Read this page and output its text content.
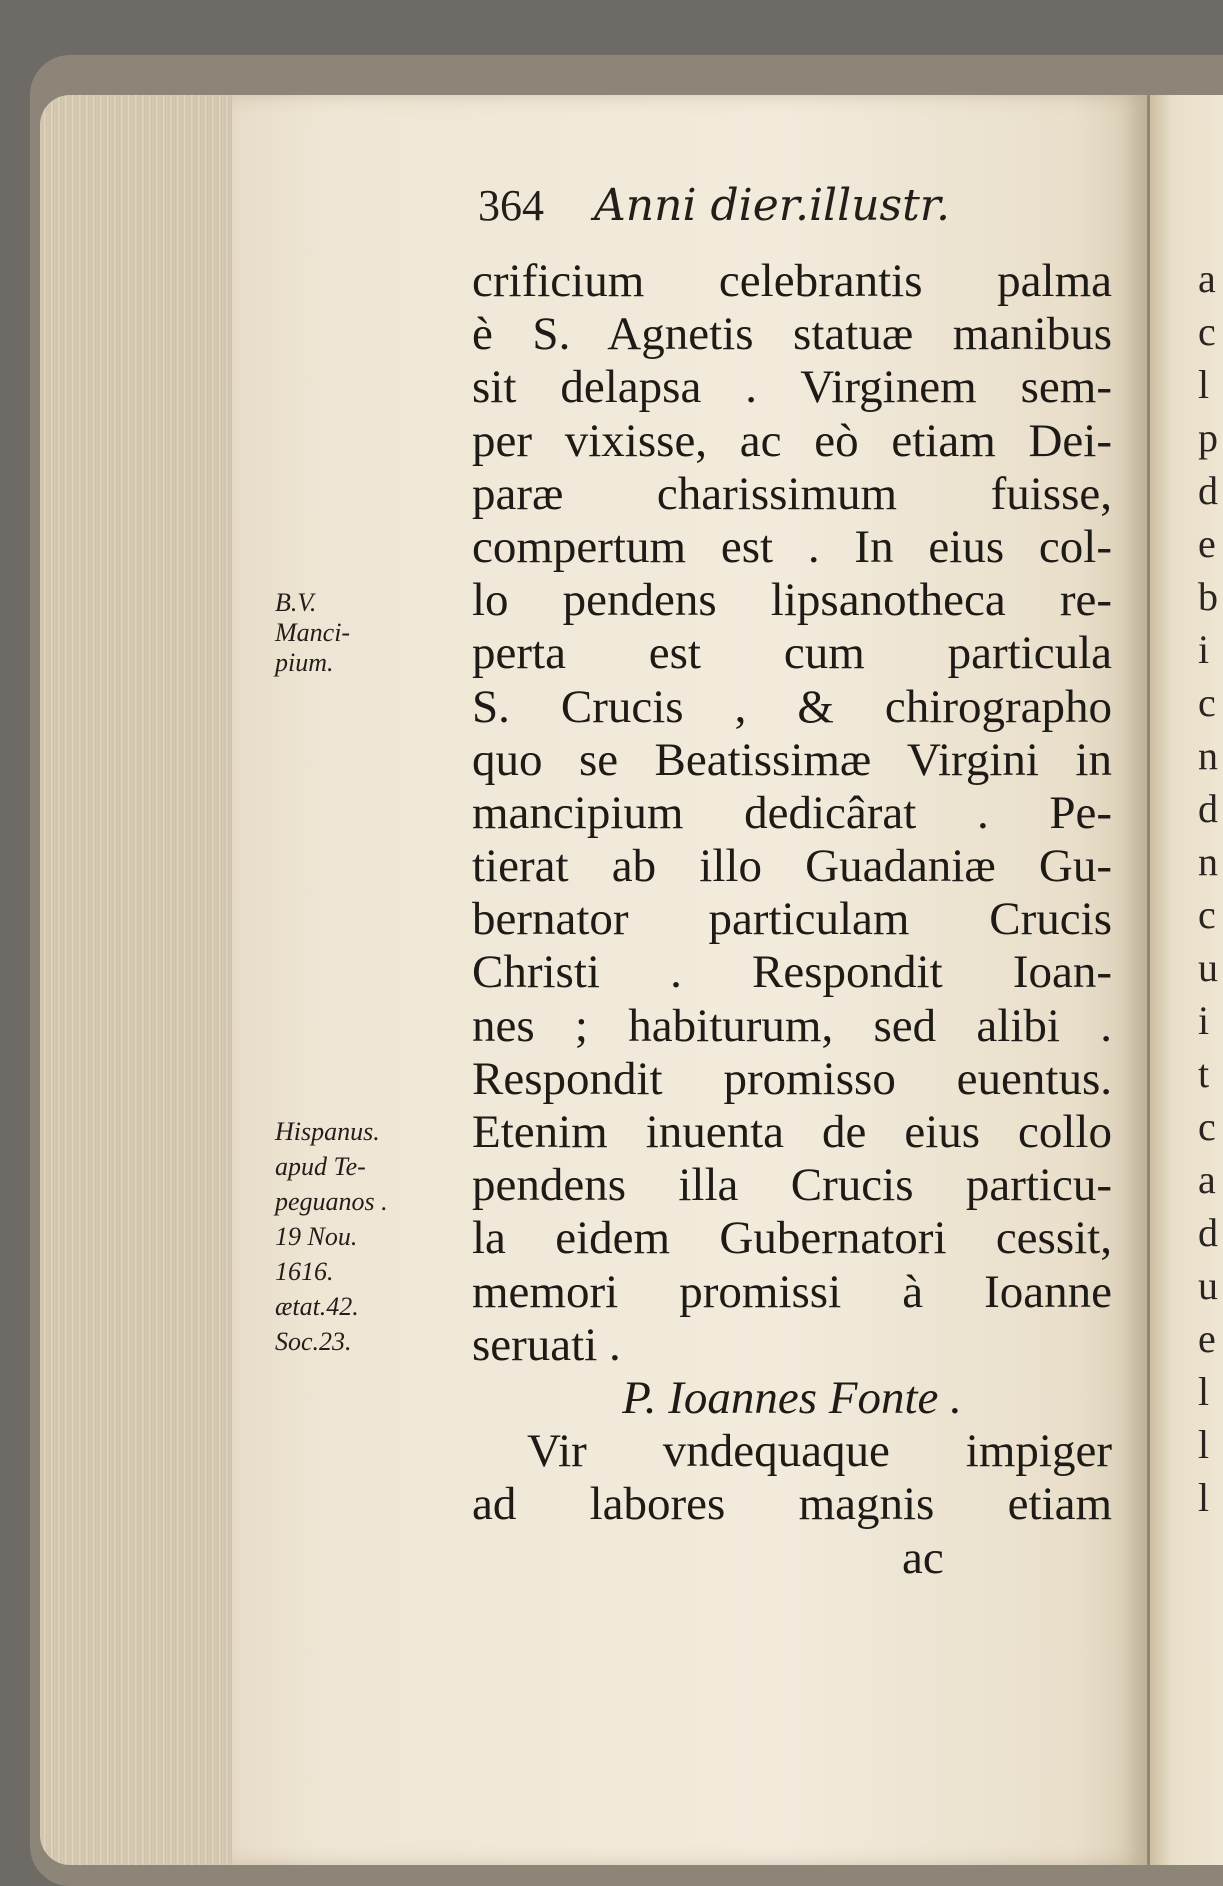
a
c
l
p
d
e
b
i
c
n
d
n
c
u
i
t
c
a
d
u
e
l
l
l
364 Anni dier.illustr.
crificium celebrantis palma
è S. Agnetis statuæ manibus
sit delapsa . Virginem sem-
per vixisse, ac eò etiam Dei-
paræ charissimum fuisse,
compertum est . In eius col-
lo pendens lipsanotheca re-
perta est cum particula
S. Crucis , & chirographo
quo se Beatissimæ Virgini in
mancipium dedicârat . Pe-
tierat ab illo Guadaniæ Gu-
bernator particulam Crucis
Christi . Respondit Ioan-
nes ; habiturum, sed alibi .
Respondit promisso euentus.
Etenim inuenta de eius collo
pendens illa Crucis particu-
la eidem Gubernatori cessit,
memori promissi à Ioanne
seruati .
P. Ioannes Fonte .
Vir vndequaque impiger
ad labores magnis etiam
ac
B.V.
Manci-
pium.
Hispanus.
apud Te-
peguanos .
19 Nou.
1616.
ætat.42.
Soc.23.
